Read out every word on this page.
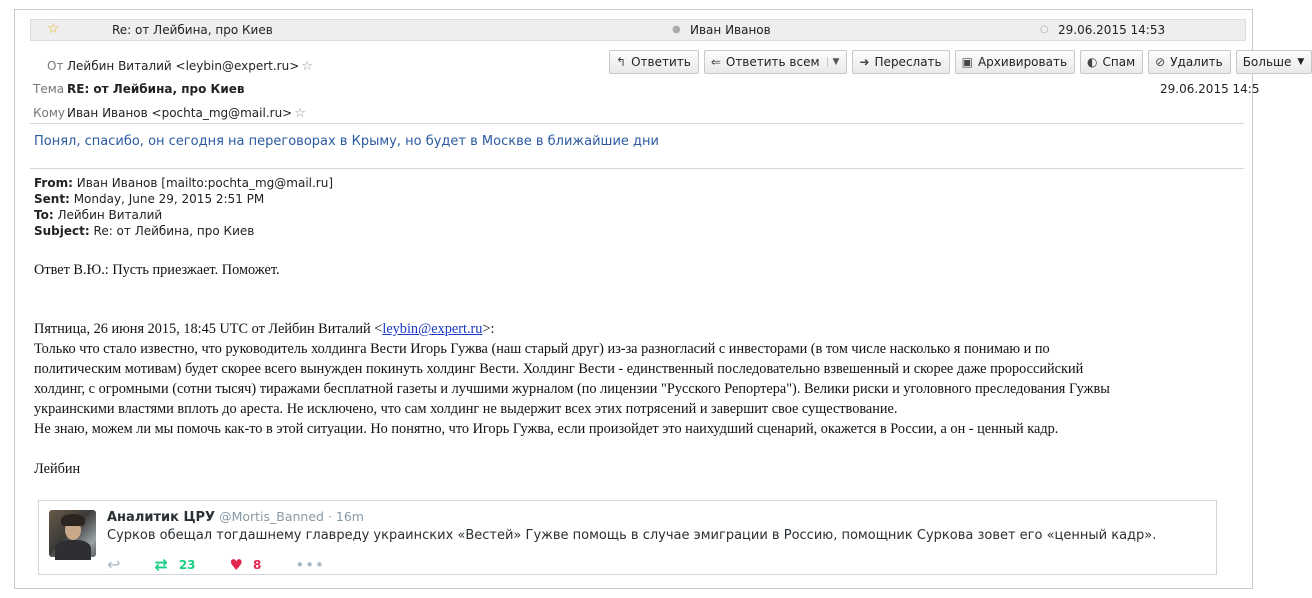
☆	Re: от Лейбина, про Киев	● Иван Иванов	○ 29.06.2015 14:53
От Лейбин Виталий <leybin@expert.ru> ☆	↰ Ответить ⇐ Ответить всем	▼ ➜ Переслать ▣ Архивировать ◐ Спам ⊘ Удалить Больше ▼
Тема RE: от Лейбина, про Киев	29.06.2015 14:5
Кому Иван Иванов <pochta_mg@mail.ru> ☆
Понял, спасибо, он сегодня на переговорах в Крыму, но будет в Москве в ближайшие дни
From: Иван Иванов [mailto:pochta_mg@mail.ru]
Sent: Monday, June 29, 2015 2:51 PM
To: Лейбин Виталий
Subject: Re: от Лейбина, про Киев
Ответ В.Ю.: Пусть приезжает. Поможет.
Пятница, 26 июня 2015, 18:45 UTC от Лейбин Виталий <leybin@expert.ru>:
Только что стало известно, что руководитель холдинга Вести Игорь Гужва (наш старый друг) из-за разногласий с инвесторами (в том числе насколько я понимаю и по
политическим мотивам) будет скорее всего вынужден покинуть холдинг Вести. Холдинг Вести - единственный последовательно взвешенный и скорее даже пророссийский
холдинг, с огромными (сотни тысяч) тиражами бесплатной газеты и лучшими журналом (по лицензии "Русского Репортера"). Велики риски и уголовного преследования Гужвы
украинскими властями вплоть до ареста. Не исключено, что сам холдинг не выдержит всех этих потрясений и завершит свое существование.
Не знаю, можем ли мы помочь как-то в этой ситуации. Но понятно, что Игорь Гужва, если произойдет это наихудший сценарий, окажется в России, а он - ценный кадр.
Лейбин
Аналитик ЦРУ @Mortis_Banned · 16m
Сурков обещал тогдашнему главреду украинских «Вестей» Гужве помощь в случае эмиграции в Россию, помощник Суркова зовет его «ценный кадр».
↩ ⇄ 23 ♥ 8 •••
